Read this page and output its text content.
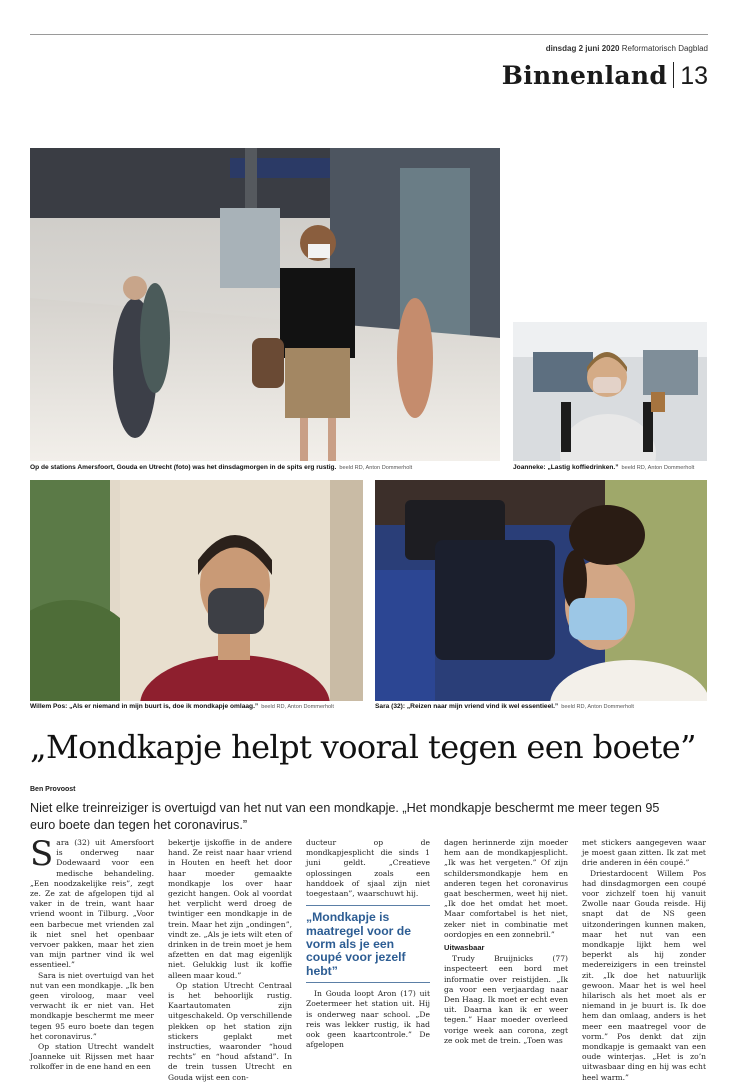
dinsdag 2 juni 2020 Reformatorisch Dagblad
Binnenland 13
Op de stations Amersfoort, Gouda en Utrecht (foto) was het dinsdagmorgen in de spits erg rustig. beeld RD, Anton Dommerholt	Joanneke: „Lastig koffiedrinken.” beeld RD, Anton Dommerholt
Willem Pos: „Als er niemand in mijn buurt is, doe ik mondkapje omlaag.” beeld RD, Anton Dommerholt	Sara (32): „Reizen naar mijn vriend vind ik wel essentieel.” beeld RD, Anton Dommerholt
„Mondkapje helpt vooral tegen een boete”
Ben Provoost
Niet elke treinreiziger is overtuigd van het nut van een mondkapje. „Het mondkapje beschermt me meer tegen 95 euro boete dan tegen het coronavirus.”

Sara (32) uit Amersfoort is onderweg naar Dodewaard voor een medische behandeling. „Een noodzakelijke reis”, zegt ze. Ze zat de afgelopen tijd al vaker in de trein, want haar vriend woont in Tilburg. „Voor een barbecue met vrienden zal ik niet snel het openbaar vervoer pakken, maar het zien van mijn partner vind ik wel essentieel.”

Sara is niet overtuigd van het nut van een mondkapje. „Ik ben geen viroloog, maar veel verwacht ik er niet van. Het mondkapje beschermt me meer tegen 95 euro boete dan tegen het coronavirus.”

Op station Utrecht wandelt Joanneke uit Rijssen met haar rolkoffer in de ene hand en een

bekertje ijskoffie in de andere hand. Ze reist naar haar vriend in Houten en heeft het door haar moeder gemaakte mondkapje los over haar gezicht hangen. Ook al voordat het verplicht werd droeg de twintiger een mondkapje in de trein. Maar het zijn „ondingen”, vindt ze. „Als je iets wilt eten of drinken in de trein moet je hem afzetten en dat mag eigenlijk niet. Gelukkig lust ik koffie alleen maar koud.”

Op station Utrecht Centraal is het behoorlijk rustig. Kaartautomaten zijn uitgeschakeld. Op verschillende plekken op het station zijn stickers geplakt met instructies, waaronder “houd rechts” en “houd afstand”. In de trein tussen Utrecht en Gouda wijst een con-

ducteur op de mondkapjesplicht die sinds 1 juni geldt. „Creatieve oplossingen zoals een handdoek of sjaal zijn niet toegestaan”, waarschuwt hij.

„Mondkapje is maatregel voor de vorm als je een coupé voor jezelf hebt”

In Gouda loopt Aron (17) uit Zoetermeer het station uit. Hij is onderweg naar school. „De reis was lekker rustig, ik had ook geen kaartcontrole.” De afgelopen

dagen herinnerde zijn moeder hem aan de mondkapjesplicht. „Ik was het vergeten.” Of zijn schildersmondkapje hem en anderen tegen het coronavirus gaat beschermen, weet hij niet. „Ik doe het omdat het moet. Maar comfortabel is het niet, zeker niet in combinatie met oordopjes en een zonnebril.”

Uitwasbaar

Trudy Bruijnicks (77) inspecteert een bord met informatie over reistijden. „Ik ga voor een verjaardag naar Den Haag. Ik moet er echt even uit. Daarna kan ik er weer tegen.” Haar moeder overleed vorige week aan corona, zegt ze ook met de trein. „Toen was

met stickers aangegeven waar je moest gaan zitten. Ik zat met drie anderen in één coupé.”

Driestardocent Willem Pos had dinsdagmorgen een coupé voor zichzelf toen hij vanuit Zwolle naar Gouda reisde. Hij snapt dat de NS geen uitzonderingen kunnen maken, maar het nut van een mondkapje lijkt hem wel beperkt als hij zonder medereizigers in een treinstel zit. „Ik doe het natuurlijk gewoon. Maar het is wel heel hilarisch als het moet als er niemand in je buurt is. Ik doe hem dan omlaag, anders is het meer een maatregel voor de vorm.” Pos denkt dat zijn mondkapje is gemaakt van een oude winterjas. „Het is zo’n uitwasbaar ding en hij was echt heel warm.”
